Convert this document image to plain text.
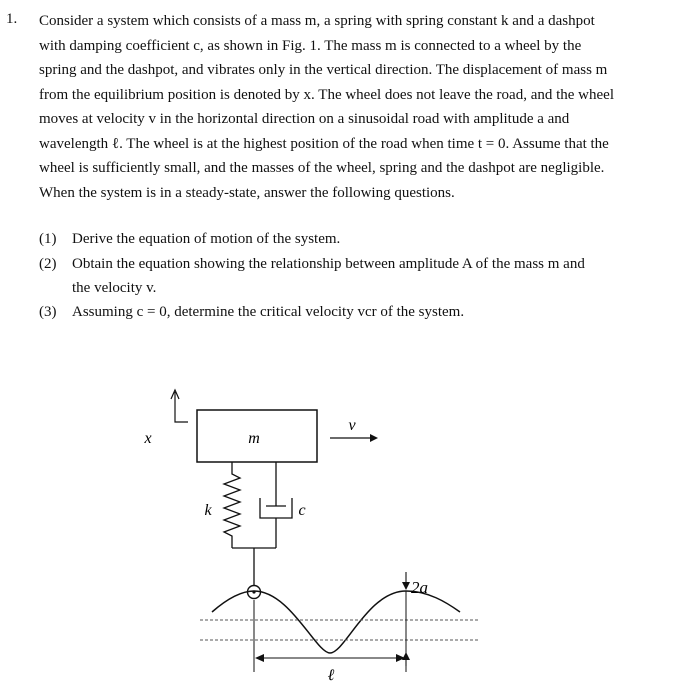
1. Consider a system which consists of a mass m, a spring with spring constant k and a dashpot
with damping coefficient c, as shown in Fig. 1. The mass m is connected to a wheel by the
spring and the dashpot, and vibrates only in the vertical direction. The displacement of mass m
from the equilibrium position is denoted by x. The wheel does not leave the road, and the wheel
moves at velocity v in the horizontal direction on a sinusoidal road with amplitude a and
wavelength ℓ. The wheel is at the highest position of the road when time t = 0. Assume that the
wheel is sufficiently small, and the masses of the wheel, spring and the dashpot are negligible.
When the system is in a steady-state, answer the following questions.
(1) Derive the equation of motion of the system.
(2) Obtain the equation showing the relationship between amplitude A of the mass m and
the velocity v.
(3) Assuming c = 0, determine the critical velocity vcr of the system.
m
x
v
k	c
2a
ℓ
